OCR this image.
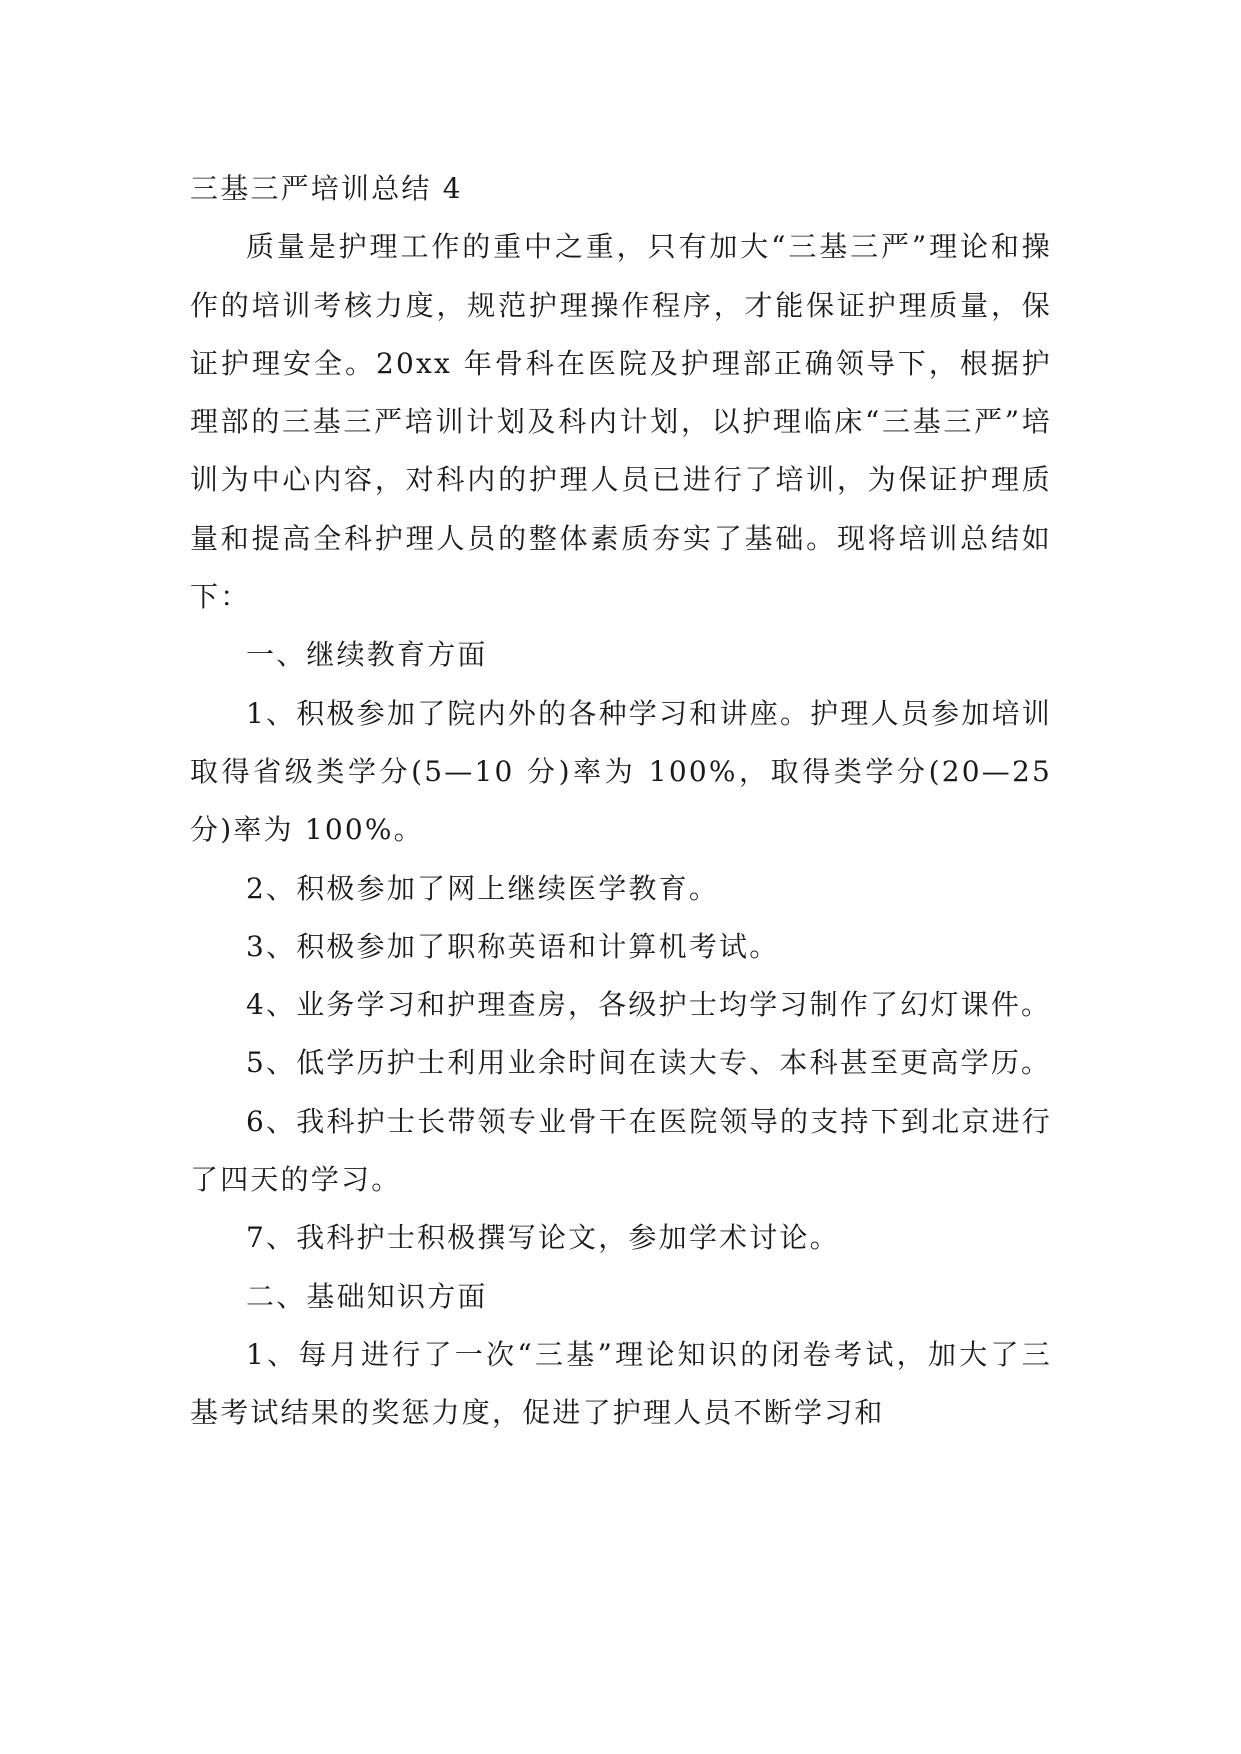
三基三严培训总结 4

质量是护理工作的重中之重，只有加大“三基三严”理论和操作的培训考核力度，规范护理操作程序，才能保证护理质量，保证护理安全。20xx 年骨科在医院及护理部正确领导下，根据护理部的三基三严培训计划及科内计划，以护理临床“三基三严”培训为中心内容，对科内的护理人员已进行了培训，为保证护理质量和提高全科护理人员的整体素质夯实了基础。现将培训总结如下：

一、继续教育方面

1、积极参加了院内外的各种学习和讲座。护理人员参加培训取得省级类学分(5—10 分)率为 100%，取得类学分(20—25 分)率为 100%。

2、积极参加了网上继续医学教育。

3、积极参加了职称英语和计算机考试。

4、业务学习和护理查房，各级护士均学习制作了幻灯课件。

5、低学历护士利用业余时间在读大专、本科甚至更高学历。

6、我科护士长带领专业骨干在医院领导的支持下到北京进行了四天的学习。

7、我科护士积极撰写论文，参加学术讨论。

二、基础知识方面

1、每月进行了一次“三基”理论知识的闭卷考试，加大了三基考试结果的奖惩力度，促进了护理人员不断学习和
